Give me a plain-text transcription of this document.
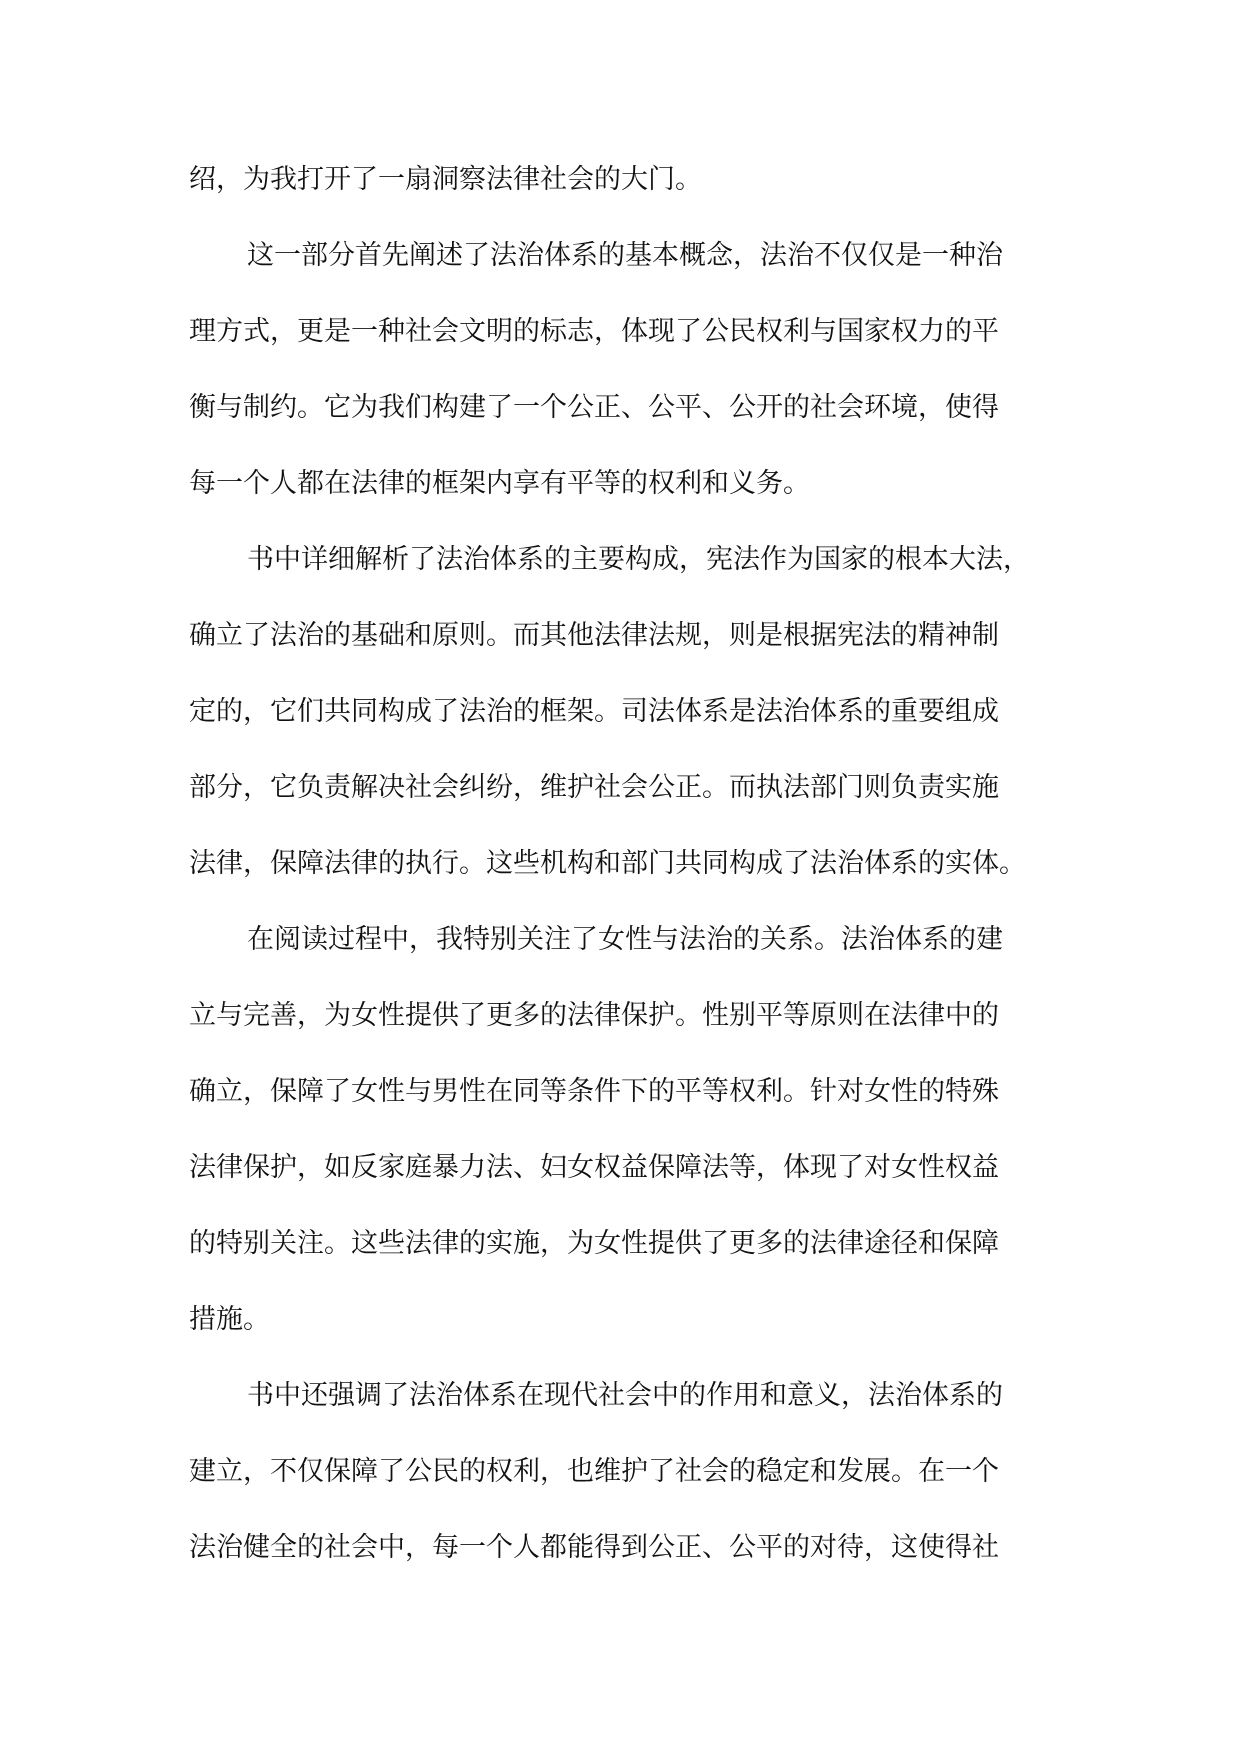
绍，为我打开了一扇洞察法律社会的大门。
这一部分首先阐述了法治体系的基本概念，法治不仅仅是一种治
理方式，更是一种社会文明的标志，体现了公民权利与国家权力的平
衡与制约。它为我们构建了一个公正、公平、公开的社会环境，使得
每一个人都在法律的框架内享有平等的权利和义务。
书中详细解析了法治体系的主要构成，宪法作为国家的根本大法，
确立了法治的基础和原则。而其他法律法规，则是根据宪法的精神制
定的，它们共同构成了法治的框架。司法体系是法治体系的重要组成
部分，它负责解决社会纠纷，维护社会公正。而执法部门则负责实施
法律，保障法律的执行。这些机构和部门共同构成了法治体系的实体。
在阅读过程中，我特别关注了女性与法治的关系。法治体系的建
立与完善，为女性提供了更多的法律保护。性别平等原则在法律中的
确立，保障了女性与男性在同等条件下的平等权利。针对女性的特殊
法律保护，如反家庭暴力法、妇女权益保障法等，体现了对女性权益
的特别关注。这些法律的实施，为女性提供了更多的法律途径和保障
措施。
书中还强调了法治体系在现代社会中的作用和意义，法治体系的
建立，不仅保障了公民的权利，也维护了社会的稳定和发展。在一个
法治健全的社会中，每一个人都能得到公正、公平的对待，这使得社
